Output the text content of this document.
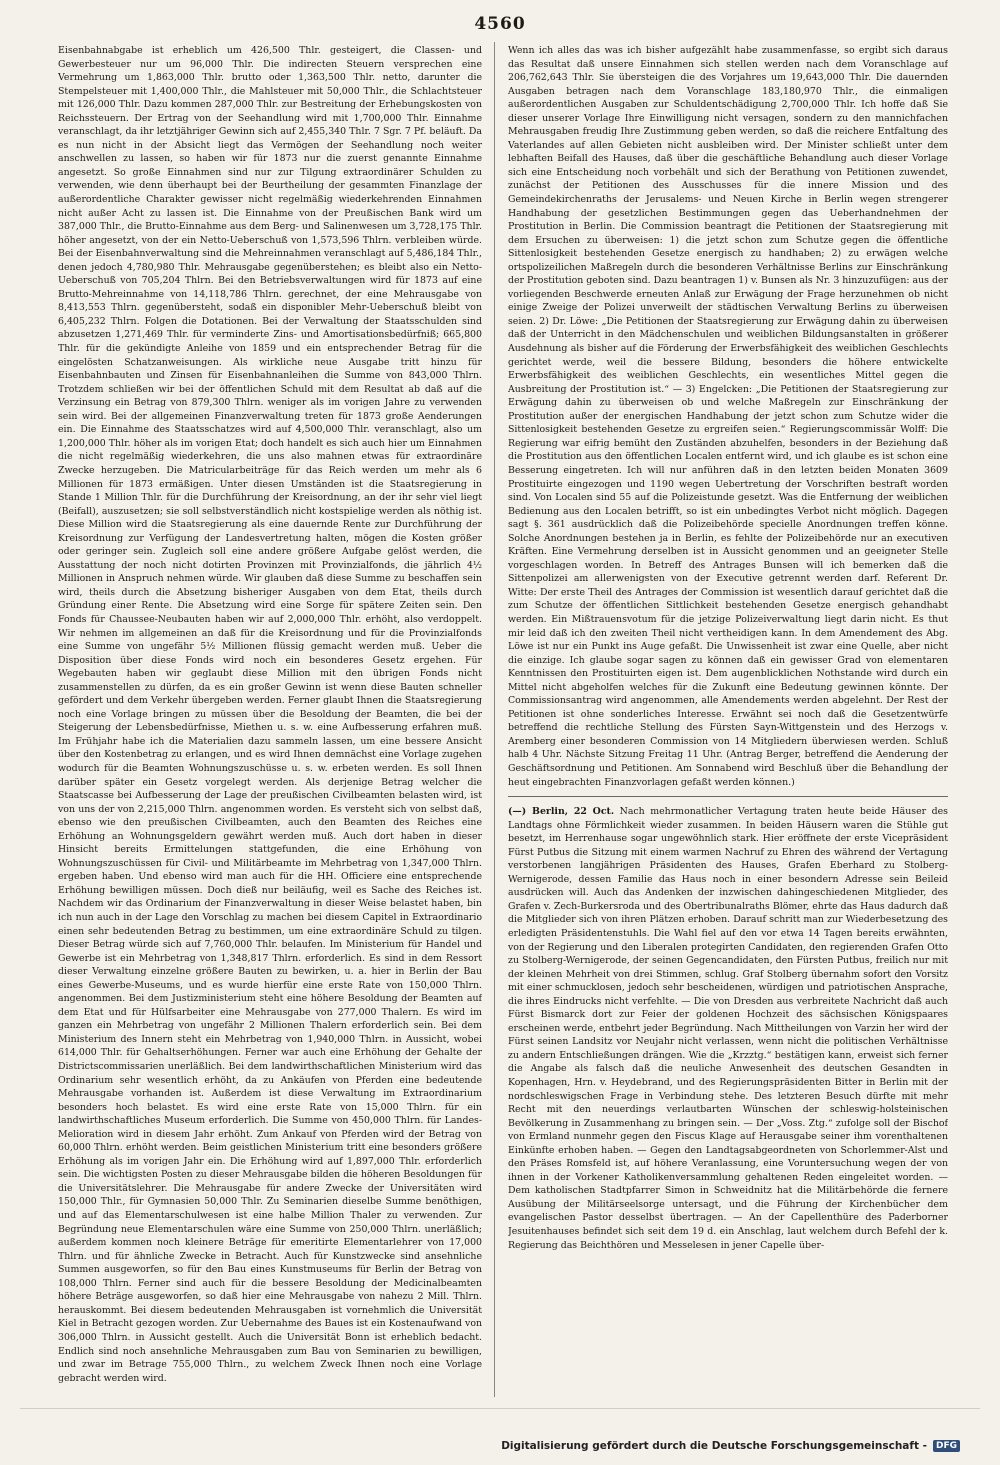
4560

Eisenbahnabgabe ist erheblich um 426,500 Thlr. gesteigert, die Classen- und Gewerbesteuer nur um 96,000 Thlr. Die indirecten Steuern versprechen eine Vermehrung um 1,863,000 Thlr. brutto oder 1,363,500 Thlr. netto, darunter die Stempelsteuer mit 1,400,000 Thlr., die Mahlsteuer mit 50,000 Thlr., die Schlachtsteuer mit 126,000 Thlr. Dazu kommen 287,000 Thlr. zur Bestreitung der Erhebungskosten von Reichssteuern. Der Ertrag von der Seehandlung wird mit 1,700,000 Thlr. Einnahme veranschlagt, da ihr letztjähriger Gewinn sich auf 2,455,340 Thlr. 7 Sgr. 7 Pf. beläuft. Da es nun nicht in der Absicht liegt das Vermögen der Seehandlung noch weiter anschwellen zu lassen, so haben wir für 1873 nur die zuerst genannte Einnahme angesetzt. So große Einnahmen sind nur zur Tilgung extraordinärer Schulden zu verwenden, wie denn überhaupt bei der Beurtheilung der gesammten Finanzlage der außerordentliche Charakter gewisser nicht regelmäßig wiederkehrenden Einnahmen nicht außer Acht zu lassen ist. Die Einnahme von der Preußischen Bank wird um 387,000 Thlr., die Brutto-Einnahme aus dem Berg- und Salinenwesen um 3,728,175 Thlr. höher angesetzt, von der ein Netto-Ueberschuß von 1,573,596 Thlrn. verbleiben würde. Bei der Eisenbahnverwaltung sind die Mehreinnahmen veranschlagt auf 5,486,184 Thlr., denen jedoch 4,780,980 Thlr. Mehrausgabe gegenüberstehen; es bleibt also ein Netto-Ueberschuß von 705,204 Thlrn. Bei den Betriebsverwaltungen wird für 1873 auf eine Brutto-Mehreinnahme von 14,118,786 Thlrn. gerechnet, der eine Mehrausgabe von 8,413,553 Thlrn. gegenübersteht, sodaß ein disponibler Mehr-Ueberschuß bleibt von 6,405,232 Thlrn. Folgen die Dotationen. Bei der Verwaltung der Staatsschulden sind abzusetzen 1,271,469 Thlr. für verminderte Zins- und Amortisationsbedürfniß; 665,800 Thlr. für die gekündigte Anleihe von 1859 und ein entsprechender Betrag für die eingelösten Schatzanweisungen. Als wirkliche neue Ausgabe tritt hinzu für Eisenbahnbauten und Zinsen für Eisenbahnanleihen die Summe von 843,000 Thlrn. Trotzdem schließen wir bei der öffentlichen Schuld mit dem Resultat ab daß auf die Verzinsung ein Betrag von 879,300 Thlrn. weniger als im vorigen Jahre zu verwenden sein wird. Bei der allgemeinen Finanzverwaltung treten für 1873 große Aenderungen ein. Die Einnahme des Staatsschatzes wird auf 4,500,000 Thlr. veranschlagt, also um 1,200,000 Thlr. höher als im vorigen Etat; doch handelt es sich auch hier um Einnahmen die nicht regelmäßig wiederkehren, die uns also mahnen etwas für extraordinäre Zwecke herzugeben. Die Matricularbeiträge für das Reich werden um mehr als 6 Millionen für 1873 ermäßigen. Unter diesen Umständen ist die Staatsregierung in Stande 1 Million Thlr. für die Durchführung der Kreisordnung, an der ihr sehr viel liegt (Beifall), auszusetzen; sie soll selbstverständlich nicht kostspielige werden als nöthig ist. Diese Million wird die Staatsregierung als eine dauernde Rente zur Durchführung der Kreisordnung zur Verfügung der Landesvertretung halten, mögen die Kosten größer oder geringer sein. Zugleich soll eine andere größere Aufgabe gelöst werden, die Ausstattung der noch nicht dotirten Provinzen mit Provinzialfonds, die jährlich 4½ Millionen in Anspruch nehmen würde. Wir glauben daß diese Summe zu beschaffen sein wird, theils durch die Absetzung bisheriger Ausgaben von dem Etat, theils durch Gründung einer Rente. Die Absetzung wird eine Sorge für spätere Zeiten sein. Den Fonds für Chaussee-Neubauten haben wir auf 2,000,000 Thlr. erhöht, also verdoppelt. Wir nehmen im allgemeinen an daß für die Kreisordnung und für die Provinzialfonds eine Summe von ungefähr 5½ Millionen flüssig gemacht werden muß. Ueber die Disposition über diese Fonds wird noch ein besonderes Gesetz ergehen. Für Wegebauten haben wir geglaubt diese Million mit den übrigen Fonds nicht zusammenstellen zu dürfen, da es ein großer Gewinn ist wenn diese Bauten schneller gefördert und dem Verkehr übergeben werden. Ferner glaubt Ihnen die Staatsregierung noch eine Vorlage bringen zu müssen über die Besoldung der Beamten, die bei der Steigerung der Lebensbedürfnisse, Miethen u. s. w. eine Aufbesserung erfahren muß. Im Frühjahr habe ich die Materialien dazu sammeln lassen, um eine bessere Ansicht über den Kostenbetrag zu erlangen, und es wird Ihnen demnächst eine Vorlage zugehen wodurch für die Beamten Wohnungszuschüsse u. s. w. erbeten werden. Es soll Ihnen darüber später ein Gesetz vorgelegt werden. Als derjenige Betrag welcher die Staatscasse bei Aufbesserung der Lage der preußischen Civilbeamten belasten wird, ist von uns der von 2,215,000 Thlrn. angenommen worden. Es versteht sich von selbst daß, ebenso wie den preußischen Civilbeamten, auch den Beamten des Reiches eine Erhöhung an Wohnungsgeldern gewährt werden muß. Auch dort haben in dieser Hinsicht bereits Ermittelungen stattgefunden, die eine Erhöhung von Wohnungszuschüssen für Civil- und Militärbeamte im Mehrbetrag von 1,347,000 Thlrn. ergeben haben. Und ebenso wird man auch für die HH. Officiere eine entsprechende Erhöhung bewilligen müssen. Doch dieß nur beiläufig, weil es Sache des Reiches ist. Nachdem wir das Ordinarium der Finanzverwaltung in dieser Weise belastet haben, bin ich nun auch in der Lage den Vorschlag zu machen bei diesem Capitel in Extraordinario einen sehr bedeutenden Betrag zu bestimmen, um eine extraordinäre Schuld zu tilgen. Dieser Betrag würde sich auf 7,760,000 Thlr. belaufen. Im Ministerium für Handel und Gewerbe ist ein Mehrbetrag von 1,348,817 Thlrn. erforderlich. Es sind in dem Ressort dieser Verwaltung einzelne größere Bauten zu bewirken, u. a. hier in Berlin der Bau eines Gewerbe-Museums, und es wurde hierfür eine erste Rate von 150,000 Thlrn. angenommen. Bei dem Justizministerium steht eine höhere Besoldung der Beamten auf dem Etat und für Hülfsarbeiter eine Mehrausgabe von 277,000 Thalern. Es wird im ganzen ein Mehrbetrag von ungefähr 2 Millionen Thalern erforderlich sein. Bei dem Ministerium des Innern steht ein Mehrbetrag von 1,940,000 Thlrn. in Aussicht, wobei 614,000 Thlr. für Gehaltserhöhungen. Ferner war auch eine Erhöhung der Gehalte der Districtscommissarien unerläßlich. Bei dem landwirthschaftlichen Ministerium wird das Ordinarium sehr wesentlich erhöht, da zu Ankäufen von Pferden eine bedeutende Mehrausgabe vorhanden ist. Außerdem ist diese Verwaltung im Extraordinarium besonders hoch belastet. Es wird eine erste Rate von 15,000 Thlrn. für ein landwirthschaftliches Museum erforderlich. Die Summe von 450,000 Thlrn. für Landes-Melioration wird in diesem Jahr erhöht. Zum Ankauf von Pferden wird der Betrag von 60,000 Thlrn. erhöht werden. Beim geistlichen Ministerium tritt eine besonders größere Erhöhung als im vorigen Jahr ein. Die Erhöhung wird auf 1,897,000 Thlr. erforderlich sein. Die wichtigsten Posten zu dieser Mehrausgabe bilden die höheren Besoldungen für die Universitätslehrer. Die Mehrausgabe für andere Zwecke der Universitäten wird 150,000 Thlr., für Gymnasien 50,000 Thlr. Zu Seminarien dieselbe Summe benöthigen, und auf das Elementarschulwesen ist eine halbe Million Thaler zu verwenden. Zur Begründung neue Elementarschulen wäre eine Summe von 250,000 Thlrn. unerläßlich; außerdem kommen noch kleinere Beträge für emeritirte Elementarlehrer von 17,000 Thlrn. und für ähnliche Zwecke in Betracht. Auch für Kunstzwecke sind ansehnliche Summen ausgeworfen, so für den Bau eines Kunstmuseums für Berlin der Betrag von 108,000 Thlrn. Ferner sind auch für die bessere Besoldung der Medicinalbeamten höhere Beträge ausgeworfen, so daß hier eine Mehrausgabe von nahezu 2 Mill. Thlrn. herauskommt. Bei diesem bedeutenden Mehrausgaben ist vornehmlich die Universität Kiel in Betracht gezogen worden. Zur Uebernahme des Baues ist ein Kostenaufwand von 306,000 Thlrn. in Aussicht gestellt. Auch die Universität Bonn ist erheblich bedacht. Endlich sind noch ansehnliche Mehrausgaben zum Bau von Seminarien zu bewilligen, und zwar im Betrage 755,000 Thlrn., zu welchem Zweck Ihnen noch eine Vorlage gebracht werden wird.

Wenn ich alles das was ich bisher aufgezählt habe zusammenfasse, so ergibt sich daraus das Resultat daß unsere Einnahmen sich stellen werden nach dem Voranschlage auf 206,762,643 Thlr. Sie übersteigen die des Vorjahres um 19,643,000 Thlr. Die dauernden Ausgaben betragen nach dem Voranschlage 183,180,970 Thlr., die einmaligen außerordentlichen Ausgaben zur Schuldentschädigung 2,700,000 Thlr. Ich hoffe daß Sie dieser unserer Vorlage Ihre Einwilligung nicht versagen, sondern zu den mannichfachen Mehrausgaben freudig Ihre Zustimmung geben werden, so daß die reichere Entfaltung des Vaterlandes auf allen Gebieten nicht ausbleiben wird. Der Minister schließt unter dem lebhaften Beifall des Hauses, daß über die geschäftliche Behandlung auch dieser Vorlage sich eine Entscheidung noch vorbehält und sich der Berathung von Petitionen zuwendet, zunächst der Petitionen des Ausschusses für die innere Mission und des Gemeindekirchenraths der Jerusalems- und Neuen Kirche in Berlin wegen strengerer Handhabung der gesetzlichen Bestimmungen gegen das Ueberhandnehmen der Prostitution in Berlin. Die Commission beantragt die Petitionen der Staatsregierung mit dem Ersuchen zu überweisen: 1) die jetzt schon zum Schutze gegen die öffentliche Sittenlosigkeit bestehenden Gesetze energisch zu handhaben; 2) zu erwägen welche ortspolizeilichen Maßregeln durch die besonderen Verhältnisse Berlins zur Einschränkung der Prostitution geboten sind. Dazu beantragen 1) v. Bunsen als Nr. 3 hinzuzufügen: aus der vorliegenden Beschwerde erneuten Anlaß zur Erwägung der Frage herzunehmen ob nicht einige Zweige der Polizei unverweilt der städtischen Verwaltung Berlins zu überweisen seien. 2) Dr. Löwe: „Die Petitionen der Staatsregierung zur Erwägung dahin zu überweisen daß der Unterricht in den Mädchenschulen und weiblichen Bildungsanstalten in größerer Ausdehnung als bisher auf die Förderung der Erwerbsfähigkeit des weiblichen Geschlechts gerichtet werde, weil die bessere Bildung, besonders die höhere entwickelte Erwerbsfähigkeit des weiblichen Geschlechts, ein wesentliches Mittel gegen die Ausbreitung der Prostitution ist.“ — 3) Engelcken: „Die Petitionen der Staatsregierung zur Erwägung dahin zu überweisen ob und welche Maßregeln zur Einschränkung der Prostitution außer der energischen Handhabung der jetzt schon zum Schutze wider die Sittenlosigkeit bestehenden Gesetze zu ergreifen seien.“ Regierungscommissär Wolff: Die Regierung war eifrig bemüht den Zuständen abzuhelfen, besonders in der Beziehung daß die Prostitution aus den öffentlichen Localen entfernt wird, und ich glaube es ist schon eine Besserung eingetreten. Ich will nur anführen daß in den letzten beiden Monaten 3609 Prostituirte eingezogen und 1190 wegen Uebertretung der Vorschriften bestraft worden sind. Von Localen sind 55 auf die Polizeistunde gesetzt. Was die Entfernung der weiblichen Bedienung aus den Localen betrifft, so ist ein unbedingtes Verbot nicht möglich. Dagegen sagt §. 361 ausdrücklich daß die Polizeibehörde specielle Anordnungen treffen könne. Solche Anordnungen bestehen ja in Berlin, es fehlte der Polizeibehörde nur an executiven Kräften. Eine Vermehrung derselben ist in Aussicht genommen und an geeigneter Stelle vorgeschlagen worden. In Betreff des Antrages Bunsen will ich bemerken daß die Sittenpolizei am allerwenigsten von der Executive getrennt werden darf. Referent Dr. Witte: Der erste Theil des Antrages der Commission ist wesentlich darauf gerichtet daß die zum Schutze der öffentlichen Sittlichkeit bestehenden Gesetze energisch gehandhabt werden. Ein Mißtrauensvotum für die jetzige Polizeiverwaltung liegt darin nicht. Es thut mir leid daß ich den zweiten Theil nicht vertheidigen kann. In dem Amendement des Abg. Löwe ist nur ein Punkt ins Auge gefaßt. Die Unwissenheit ist zwar eine Quelle, aber nicht die einzige. Ich glaube sogar sagen zu können daß ein gewisser Grad von elementaren Kenntnissen den Prostituirten eigen ist. Dem augenblicklichen Nothstande wird durch ein Mittel nicht abgeholfen welches für die Zukunft eine Bedeutung gewinnen könnte. Der Commissionsantrag wird angenommen, alle Amendements werden abgelehnt. Der Rest der Petitionen ist ohne sonderliches Interesse. Erwähnt sei noch daß die Gesetzentwürfe betreffend die rechtliche Stellung des Fürsten Sayn-Wittgenstein und des Herzogs v. Aremberg einer besonderen Commission von 14 Mitgliedern überwiesen werden. Schluß halb 4 Uhr. Nächste Sitzung Freitag 11 Uhr. (Antrag Berger, betreffend die Aenderung der Geschäftsordnung und Petitionen. Am Sonnabend wird Beschluß über die Behandlung der heut eingebrachten Finanzvorlagen gefaßt werden können.)

(—) Berlin, 22 Oct. Nach mehrmonatlicher Vertagung traten heute beide Häuser des Landtags ohne Förmlichkeit wieder zusammen. In beiden Häusern waren die Stühle gut besetzt, im Herrenhause sogar ungewöhnlich stark. Hier eröffnete der erste Vicepräsident Fürst Putbus die Sitzung mit einem warmen Nachruf zu Ehren des während der Vertagung verstorbenen langjährigen Präsidenten des Hauses, Grafen Eberhard zu Stolberg-Wernigerode, dessen Familie das Haus noch in einer besondern Adresse sein Beileid ausdrücken will. Auch das Andenken der inzwischen dahingeschiedenen Mitglieder, des Grafen v. Zech-Burkersroda und des Obertribunalraths Blömer, ehrte das Haus dadurch daß die Mitglieder sich von ihren Plätzen erhoben. Darauf schritt man zur Wiederbesetzung des erledigten Präsidentenstuhls. Die Wahl fiel auf den vor etwa 14 Tagen bereits erwähnten, von der Regierung und den Liberalen protegirten Candidaten, den regierenden Grafen Otto zu Stolberg-Wernigerode, der seinen Gegencandidaten, den Fürsten Putbus, freilich nur mit der kleinen Mehrheit von drei Stimmen, schlug. Graf Stolberg übernahm sofort den Vorsitz mit einer schmucklosen, jedoch sehr bescheidenen, würdigen und patriotischen Ansprache, die ihres Eindrucks nicht verfehlte. — Die von Dresden aus verbreitete Nachricht daß auch Fürst Bismarck dort zur Feier der goldenen Hochzeit des sächsischen Königspaares erscheinen werde, entbehrt jeder Begründung. Nach Mittheilungen von Varzin her wird der Fürst seinen Landsitz vor Neujahr nicht verlassen, wenn nicht die politischen Verhältnisse zu andern Entschließungen drängen. Wie die „Krzztg.“ bestätigen kann, erweist sich ferner die Angabe als falsch daß die neuliche Anwesenheit des deutschen Gesandten in Kopenhagen, Hrn. v. Heydebrand, und des Regierungspräsidenten Bitter in Berlin mit der nordschleswigschen Frage in Verbindung stehe. Des letzteren Besuch dürfte mit mehr Recht mit den neuerdings verlautbarten Wünschen der schleswig-holsteinischen Bevölkerung in Zusammenhang zu bringen sein. — Der „Voss. Ztg.“ zufolge soll der Bischof von Ermland nunmehr gegen den Fiscus Klage auf Herausgabe seiner ihm vorenthaltenen Einkünfte erhoben haben. — Gegen den Landtagsabgeordneten von Schorlemmer-Alst und den Präses Romsfeld ist, auf höhere Veranlassung, eine Voruntersuchung wegen der von ihnen in der Vorkener Katholikenversammlung gehaltenen Reden eingeleitet worden. — Dem katholischen Stadtpfarrer Simon in Schweidnitz hat die Militärbehörde die fernere Ausübung der Militärseelsorge untersagt, und die Führung der Kirchenbücher dem evangelischen Pastor desselbst übertragen. — An der Capellenthüre des Paderborner Jesuitenhauses befindet sich seit dem 19 d. ein Anschlag, laut welchem durch Befehl der k. Regierung das Beichthören und Messelesen in jener Capelle über-

Digitalisierung gefördert durch die Deutsche Forschungsgemeinschaft -	DFG
